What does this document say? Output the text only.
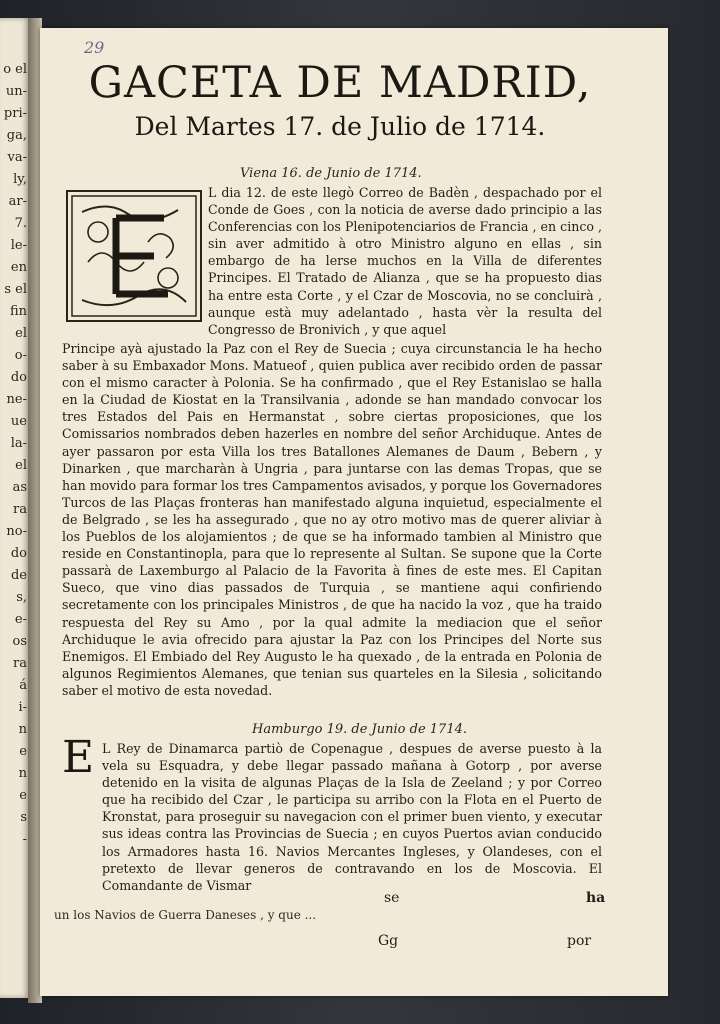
o el
un-
pri-
ga,
va-
ly,
ar-
7.
le-
en
s el
fin
el
o-
do
ne-
ue
la-
el
as
ra
no-
do
de
s,
e-
os
ra
á
i-
n
e
n
e
s
-
29
GACETA DE MADRID,
Del Martes 17. de Julio de 1714.
Viena 16. de Junio de 1714.

L dia 12. de este llegò Correo de Badèn , despachado por el Conde de Goes , con la noticia de averse dado principio a las Conferencias con los Plenipotenciarios de Francia , en cinco , sin aver admitido à otro Ministro alguno en ellas , sin embargo de ha lerse muchos en la Villa de diferentes Principes. El Tratado de Alianza , que se ha propuesto dias ha entre esta Corte , y el Czar de Moscovia, no se concluirà , aunque està muy adelantado , hasta vèr la resulta del Congresso de Bronivich , y que aquel

Principe ayà ajustado la Paz con el Rey de Suecia ; cuya circunstancia le ha hecho saber à su Embaxador Mons. Matueof , quien publica aver recibido orden de passar con el mismo caracter à Polonia. Se ha confirmado , que el Rey Estanislao se halla en la Ciudad de Kiostat en la Transilvania , adonde se han mandado convocar los tres Estados del Pais en Hermanstat , sobre ciertas proposiciones, que los Comissarios nombrados deben hazerles en nombre del señor Archiduque. Antes de ayer passaron por esta Villa los tres Batallones Alemanes de Daum , Bebern , y Dinarken , que marcharàn à Ungria , para juntarse con las demas Tropas, que se han movido para formar los tres Campamentos avisados, y porque los Governadores Turcos de las Plaças fronteras han manifestado alguna inquietud, especialmente el de Belgrado , se les ha assegurado , que no ay otro motivo mas de querer aliviar à los Pueblos de los alojamientos ; de que se ha informado tambien al Ministro que reside en Constantinopla, para que lo represente al Sultan. Se supone que la Corte passarà de Laxemburgo al Palacio de la Favorita à fines de este mes. El Capitan Sueco, que vino dias passados de Turquia , se mantiene aqui confiriendo secretamente con los principales Ministros , de que ha nacido la voz , que ha traido respuesta del Rey su Amo , por la qual admite la mediacion que el señor Archiduque le avia ofrecido para ajustar la Paz con los Principes del Norte sus Enemigos. El Embiado del Rey Augusto le ha quexado , de la entrada en Polonia de algunos Regimientos Alemanes, que tenian sus quarteles en la Silesia , solicitando saber el motivo de esta novedad.

Hamburgo 19. de Junio de 1714.
E L Rey de Dinamarca partiò de Copenague , despues de averse puesto à la vela su Esquadra, y debe llegar passado mañana à Gotorp , por averse detenido en la visita de algunas Plaças de la Isla de Zeeland ; y por Correo que ha recibido del Czar , le participa su arribo con la Flota en el Puerto de Kronstat, para proseguir su navegacion con el primer buen viento, y executar sus ideas contra las Provincias de Suecia ; en cuyos Puertos avian conducido los Armadores hasta 16. Navios Mercantes Ingleses, y Olandeses, con el pretexto de llevar generos de contravando en los de Moscovia. El Comandante de Vismar

se	ha
un los Navios de Guerra Daneses , y que ...
Gg	por
